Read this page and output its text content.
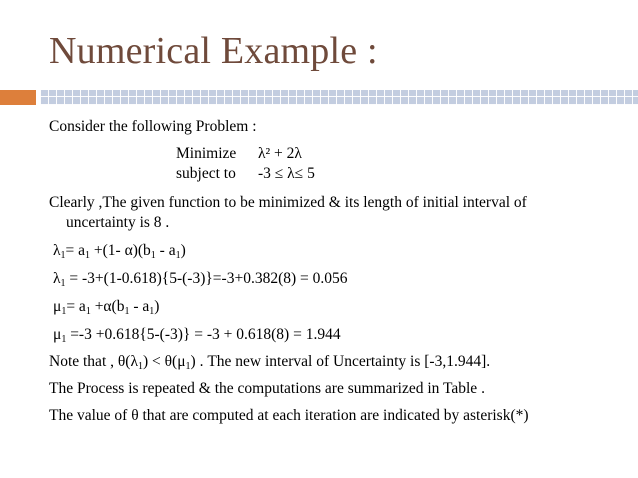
Numerical Example :
Consider the following Problem :
Minimize λ² + 2λ
subject to -3 ≤ λ≤ 5
Clearly ,The given function to be minimized & its length of initial interval of
uncertainty is 8 .
$\lambda_1= a_1 +(1-$ $\alpha)(b_1 - a_1)$
$\lambda_1 = -3+(1-0.618)\{5-(-3)\}=-3+0.382(8) = 0.056$
$\mu_1= a_1 +\alpha(b_1 - a_1)$
$\mu_1 =-3 +0.618\{5-(-3)\} = -3 + 0.618(8) = 1.944$
Note that , $\theta(\lambda_1) < \theta(\mu_1)$ . The new interval of Uncertainty is [-3,1.944].
The Process is repeated & the computations are summarized in Table .
The value of θ that are computed at each iteration are indicated by asterisk(*)
